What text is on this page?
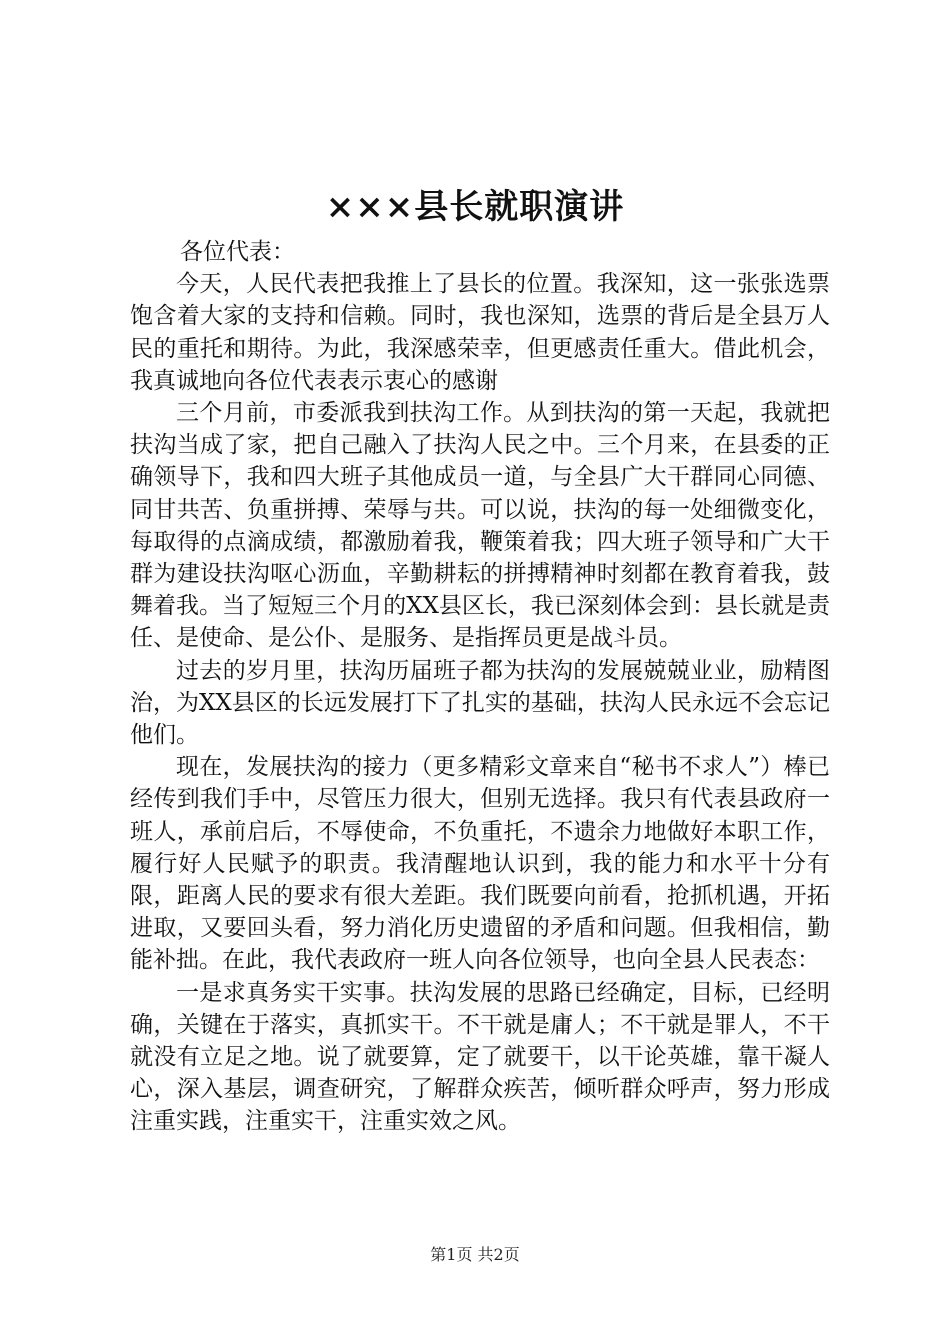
×××县长就职演讲

各位代表：

今天，人民代表把我推上了县长的位置。我深知，这一张张选票饱含着大家的支持和信赖。同时，我也深知，选票的背后是全县万人民的重托和期待。为此，我深感荣幸，但更感责任重大。借此机会，我真诚地向各位代表表示衷心的感谢

三个月前，市委派我到扶沟工作。从到扶沟的第一天起，我就把扶沟当成了家，把自己融入了扶沟人民之中。三个月来，在县委的正确领导下，我和四大班子其他成员一道，与全县广大干群同心同德、同甘共苦、负重拼搏、荣辱与共。可以说，扶沟的每一处细微变化，每取得的点滴成绩，都激励着我，鞭策着我；四大班子领导和广大干群为建设扶沟呕心沥血，辛勤耕耘的拼搏精神时刻都在教育着我，鼓舞着我。当了短短三个月的XX县区长，我已深刻体会到：县长就是责任、是使命、是公仆、是服务、是指挥员更是战斗员。

过去的岁月里，扶沟历届班子都为扶沟的发展兢兢业业，励精图治，为XX县区的长远发展打下了扎实的基础，扶沟人民永远不会忘记他们。

现在，发展扶沟的接力（更多精彩文章来自“秘书不求人”）棒已经传到我们手中，尽管压力很大，但别无选择。我只有代表县政府一班人，承前启后，不辱使命，不负重托，不遗余力地做好本职工作，履行好人民赋予的职责。我清醒地认识到，我的能力和水平十分有限，距离人民的要求有很大差距。我们既要向前看，抢抓机遇，开拓进取，又要回头看，努力消化历史遗留的矛盾和问题。但我相信，勤能补拙。在此，我代表政府一班人向各位领导，也向全县人民表态：

一是求真务实干实事。扶沟发展的思路已经确定，目标，已经明确，关键在于落实，真抓实干。不干就是庸人；不干就是罪人，不干就没有立足之地。说了就要算，定了就要干，以干论英雄，靠干凝人心，深入基层，调查研究，了解群众疾苦，倾听群众呼声，努力形成注重实践，注重实干，注重实效之风。

第1页 共2页
